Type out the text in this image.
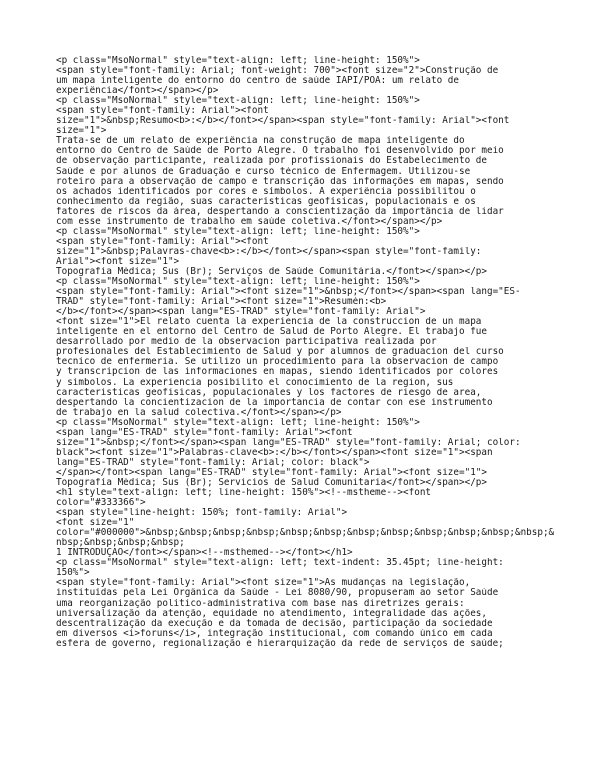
<p class="MsoNormal" style="text-align: left; line-height: 150%">
<span style="font-family: Arial; font-weight: 700"><font size="2">Construção de
um mapa inteligente do entorno do centro de saúde IAPI/POA: um relato de
experiência</font></span></p>
<p class="MsoNormal" style="text-align: left; line-height: 150%">
<span style="font-family: Arial"><font
size="1">&nbsp;Resumo<b>:</b></font></span><span style="font-family: Arial"><font
size="1">
Trata-se de um relato de experiência na construção de mapa inteligente do
entorno do Centro de Saúde de Porto Alegre. O trabalho foi desenvolvido por meio
de observação participante, realizada por profissionais do Estabelecimento de
Saúde e por alunos de Graduação e curso técnico de Enfermagem. Utilizou-se
roteiro para a observação de campo e transcrição das informações em mapas, sendo
os achados identificados por cores e símbolos. A experiência possibilitou o
conhecimento da região, suas características geofísicas, populacionais e os
fatores de riscos da área, despertando a conscientização da importância de lidar
com esse instrumento de trabalho em saúde coletiva.</font></span></p>
<p class="MsoNormal" style="text-align: left; line-height: 150%">
<span style="font-family: Arial"><font
size="1">&nbsp;Palavras-chave<b>:</b></font></span><span style="font-family:
Arial"><font size="1">
Topografia Médica; Sus (Br); Serviços de Saúde Comunitária.</font></span></p>
<p class="MsoNormal" style="text-align: left; line-height: 150%">
<span style="font-family: Arial"><font size="1">&nbsp;</font></span><span lang="ES-
TRAD" style="font-family: Arial"><font size="1">Resumén:<b>
</b></font></span><span lang="ES-TRAD" style="font-family: Arial">
<font size="1">El relato cuenta la experiencia de la construccion de un mapa
inteligente en el entorno del Centro de Salud de Porto Alegre. El trabajo fue
desarrollado por medio de la observacion participativa realizada por
profesionales del Establecimiento de Salud y por alumnos de graduacion del curso
tecnico de enfermeria. Se utilizo un procedimiento para la observacion de campo
y transcripcion de las informaciones en mapas, siendo identificados por colores
y simbolos. La experiencia posibilito el conocimiento de la region, sus
caracteristicas geofisicas, populacionales y los factores de riesgo de area,
despertando la concientizacion de la importancia de contar con ese instrumento
de trabajo en la salud colectiva.</font></span></p>
<p class="MsoNormal" style="text-align: left; line-height: 150%">
<span lang="ES-TRAD" style="font-family: Arial"><font
size="1">&nbsp;</font></span><span lang="ES-TRAD" style="font-family: Arial; color:
black"><font size="1">Palabras-clave<b>:</b></font></span><font size="1"><span
lang="ES-TRAD" style="font-family: Arial; color: black">
</span></font><span lang="ES-TRAD" style="font-family: Arial"><font size="1">
Topografía Médica; Sus (Br); Servicios de Salud Comunitaria</font></span></p>
<h1 style="text-align: left; line-height: 150%"><!--mstheme--><font
color="#333366">
<span style="line-height: 150%; font-family: Arial">
<font size="1"
color="#000000">&nbsp;&nbsp;&nbsp;&nbsp;&nbsp;&nbsp;&nbsp;&nbsp;&nbsp;&nbsp;&nbsp;&nbsp;&
nbsp;&nbsp;&nbsp;&nbsp;
1 INTRODUÇÃO</font></span><!--msthemed--></font></h1>
<p class="MsoNormal" style="text-align: left; text-indent: 35.45pt; line-height:
150%">
<span style="font-family: Arial"><font size="1">As mudanças na legislação,
instituídas pela Lei Orgânica da Saúde - Lei 8080/90, propuseram ao setor Saúde
uma reorganização político-administrativa com base nas diretrizes gerais:
universalização da atenção, equidade no atendimento, integralidade das ações,
descentralização da execução e da tomada de decisão, participação da sociedade
em diversos <i>foruns</i>, integração institucional, com comando único em cada
esfera de governo, regionalização e hierarquização da rede de serviços de saúde;
